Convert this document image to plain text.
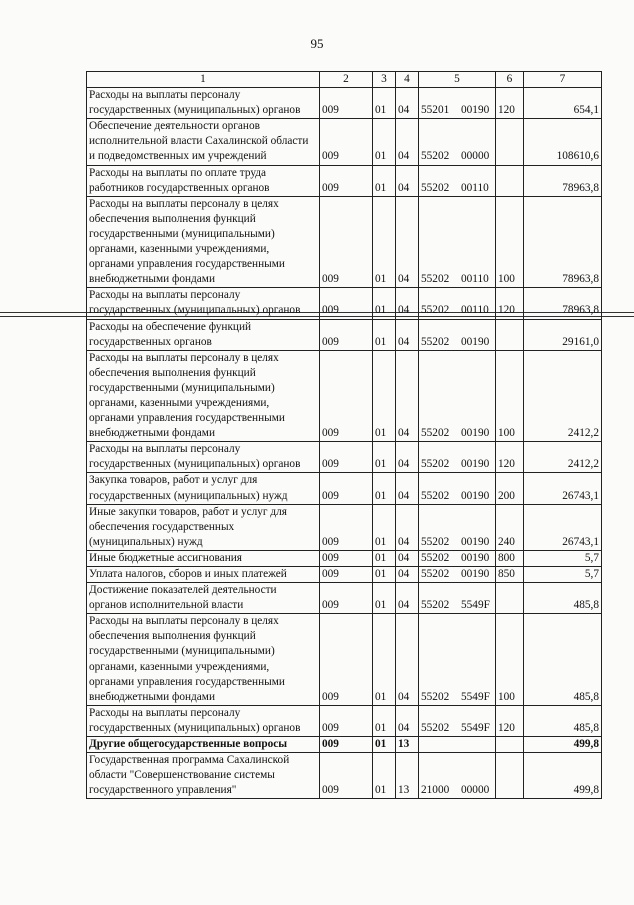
95
1	2	3	4	5	6	7
Расходы на выплаты персоналу государственных (муниципальных) органов	009	01	04	55201 00190	120	654,1
Обеспечение деятельности органов исполнительной власти Сахалинской области и подведомственных им учреждений	009	01	04	55202 00000		108610,6
Расходы на выплаты по оплате труда работников государственных органов	009	01	04	55202 00110		78963,8
Расходы на выплаты персоналу в целях обеспечения выполнения функций государственными (муниципальными) органами, казенными учреждениями, органами управления государственными внебюджетными фондами	009	01	04	55202 00110	100	78963,8
Расходы на выплаты персоналу государственных (муниципальных) органов	009	01	04	55202 00110	120	78963,8
Расходы на обеспечение функций государственных органов	009	01	04	55202 00190		29161,0
Расходы на выплаты персоналу в целях обеспечения выполнения функций государственными (муниципальными) органами, казенными учреждениями, органами управления государственными внебюджетными фондами	009	01	04	55202 00190	100	2412,2
Расходы на выплаты персоналу государственных (муниципальных) органов	009	01	04	55202 00190	120	2412,2
Закупка товаров, работ и услуг для государственных (муниципальных) нужд	009	01	04	55202 00190	200	26743,1
Иные закупки товаров, работ и услуг для обеспечения государственных (муниципальных) нужд	009	01	04	55202 00190	240	26743,1
Иные бюджетные ассигнования	009	01	04	55202 00190	800	5,7
Уплата налогов, сборов и иных платежей	009	01	04	55202 00190	850	5,7
Достижение показателей деятельности органов исполнительной власти	009	01	04	55202 5549F		485,8
Расходы на выплаты персоналу в целях обеспечения выполнения функций государственными (муниципальными) органами, казенными учреждениями, органами управления государственными внебюджетными фондами	009	01	04	55202 5549F	100	485,8
Расходы на выплаты персоналу государственных (муниципальных) органов	009	01	04	55202 5549F	120	485,8
Другие общегосударственные вопросы	009	01	13			499,8
Государственная программа Сахалинской области "Совершенствование системы государственного управления"	009	01	13	21000 00000		499,8
